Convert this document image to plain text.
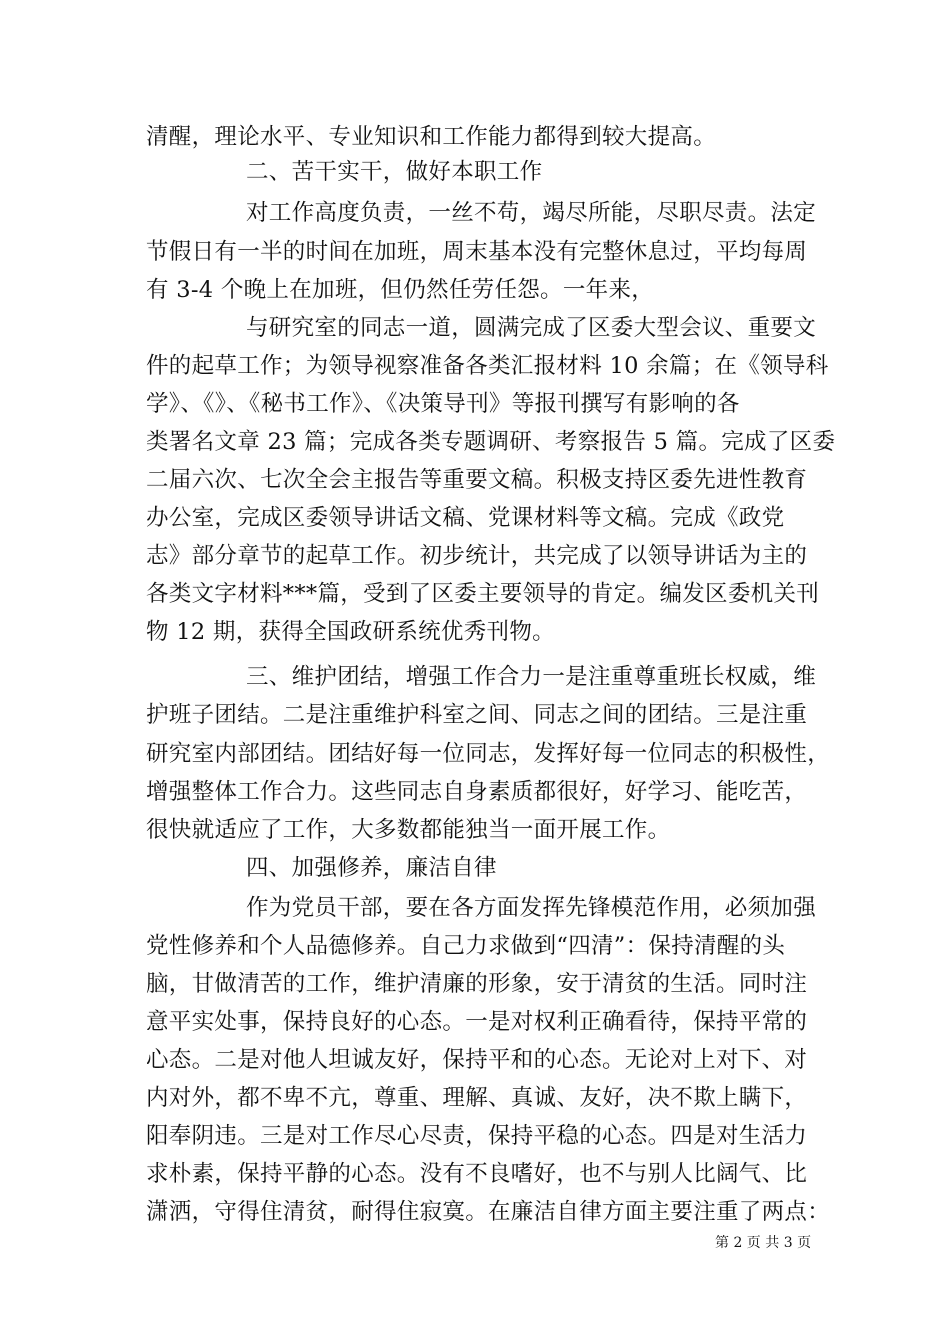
清醒，理论水平、专业知识和工作能力都得到较大提高。
二、苦干实干，做好本职工作
对工作高度负责，一丝不苟，竭尽所能，尽职尽责。法定
节假日有一半的时间在加班，周末基本没有完整休息过，平均每周
有 3-4 个晚上在加班，但仍然任劳任怨。一年来，
与研究室的同志一道，圆满完成了区委大型会议、重要文
件的起草工作；为领导视察准备各类汇报材料 10 余篇；在《领导科
学》、《》、《秘书工作》、《决策导刊》等报刊撰写有影响的各
类署名文章 23 篇；完成各类专题调研、考察报告 5 篇。完成了区委
二届六次、七次全会主报告等重要文稿。积极支持区委先进性教育
办公室，完成区委领导讲话文稿、党课材料等文稿。完成《政党
志》部分章节的起草工作。初步统计，共完成了以领导讲话为主的
各类文字材料***篇，受到了区委主要领导的肯定。编发区委机关刊
物 12 期，获得全国政研系统优秀刊物。
三、维护团结，增强工作合力一是注重尊重班长权威，维
护班子团结。二是注重维护科室之间、同志之间的团结。三是注重
研究室内部团结。团结好每一位同志，发挥好每一位同志的积极性，
增强整体工作合力。这些同志自身素质都很好，好学习、能吃苦，
很快就适应了工作，大多数都能独当一面开展工作。
四、加强修养，廉洁自律
作为党员干部，要在各方面发挥先锋模范作用，必须加强
党性修养和个人品德修养。自己力求做到“四清”：保持清醒的头
脑，甘做清苦的工作，维护清廉的形象，安于清贫的生活。同时注
意平实处事，保持良好的心态。一是对权利正确看待，保持平常的
心态。二是对他人坦诚友好，保持平和的心态。无论对上对下、对
内对外，都不卑不亢，尊重、理解、真诚、友好，决不欺上瞒下，
阳奉阴违。三是对工作尽心尽责，保持平稳的心态。四是对生活力
求朴素，保持平静的心态。没有不良嗜好，也不与别人比阔气、比
潇洒，守得住清贫，耐得住寂寞。在廉洁自律方面主要注重了两点：
第 2 页 共 3 页
